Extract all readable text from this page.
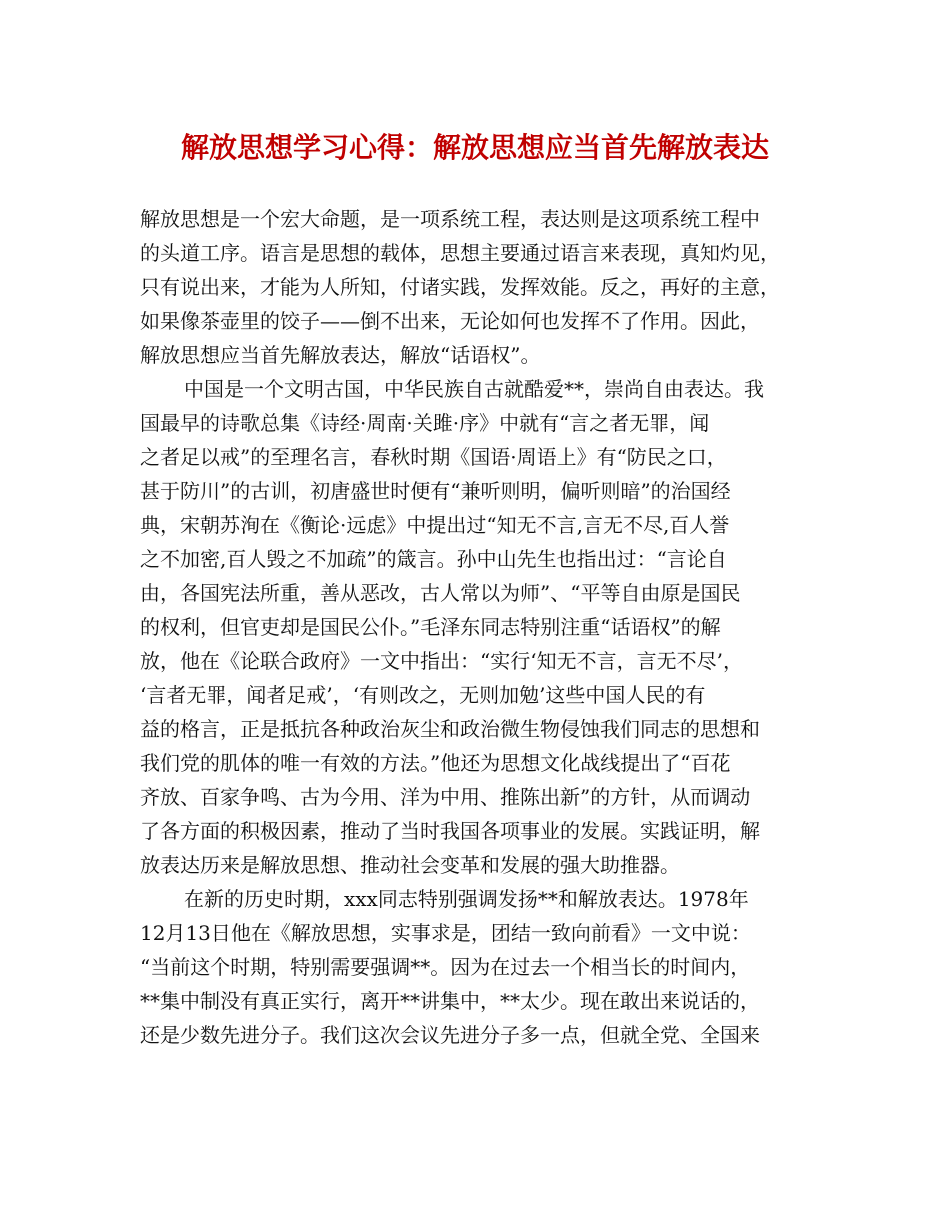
解放思想学习心得：解放思想应当首先解放表达
解放思想是一个宏大命题，是一项系统工程，表达则是这项系统工程中
的头道工序。语言是思想的载体，思想主要通过语言来表现，真知灼见，
只有说出来，才能为人所知，付诸实践，发挥效能。反之，再好的主意，
如果像茶壶里的饺子——倒不出来，无论如何也发挥不了作用。因此，
解放思想应当首先解放表达，解放“话语权”。
中国是一个文明古国，中华民族自古就酷爱**，崇尚自由表达。我
国最早的诗歌总集《诗经·周南·关雎·序》中就有“言之者无罪，闻
之者足以戒”的至理名言，春秋时期《国语·周语上》有“防民之口，
甚于防川”的古训，初唐盛世时便有“兼听则明，偏听则暗”的治国经
典，宋朝苏洵在《衡论·远虑》中提出过“知无不言,言无不尽,百人誉
之不加密,百人毁之不加疏”的箴言。孙中山先生也指出过：“言论自
由，各国宪法所重，善从恶改，古人常以为师”、“平等自由原是国民
的权利，但官吏却是国民公仆。”毛泽东同志特别注重“话语权”的解
放，他在《论联合政府》一文中指出：“实行‘知无不言，言无不尽’，
‘言者无罪，闻者足戒’，‘有则改之，无则加勉’这些中国人民的有
益的格言，正是抵抗各种政治灰尘和政治微生物侵蚀我们同志的思想和
我们党的肌体的唯一有效的方法。”他还为思想文化战线提出了“百花
齐放、百家争鸣、古为今用、洋为中用、推陈出新”的方针，从而调动
了各方面的积极因素，推动了当时我国各项事业的发展。实践证明，解
放表达历来是解放思想、推动社会变革和发展的强大助推器。
在新的历史时期，xxx同志特别强调发扬**和解放表达。1978年
12月13日他在《解放思想，实事求是，团结一致向前看》一文中说：
“当前这个时期，特别需要强调**。因为在过去一个相当长的时间内，
**集中制没有真正实行，离开**讲集中，**太少。现在敢出来说话的，
还是少数先进分子。我们这次会议先进分子多一点，但就全党、全国来
